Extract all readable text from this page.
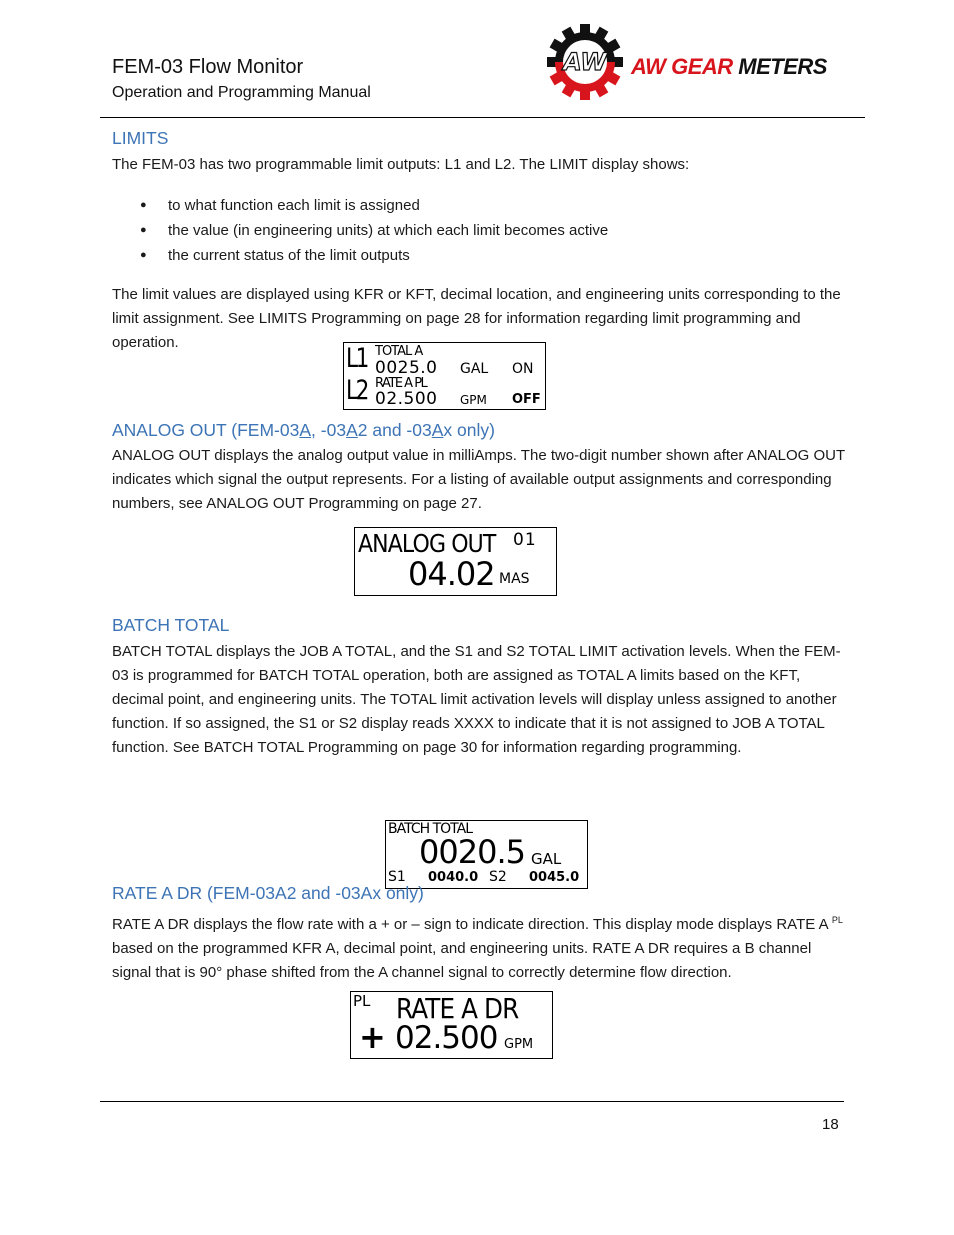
FEM-03 Flow Monitor
Operation and Programming Manual
AW AW GEAR METERS
LIMITS
The FEM-03 has two programmable limit outputs: L1 and L2. The LIMIT display shows:
● to what function each limit is assigned
● the value (in engineering units) at which each limit becomes active
● the current status of the limit outputs
The limit values are displayed using KFR or KFT, decimal location, and engineering units corresponding to the limit assignment. See LIMITS Programming on page 28 for information regarding limit programming and operation.
L1 TOTAL A
0025.0 GAL ON
L2 RATE A PL
02.500 GPM OFF
ANALOG OUT (FEM-03A, -03A2 and -03Ax only)
ANALOG OUT displays the analog output value in milliAmps. The two-digit number shown after ANALOG OUT indicates which signal the output represents. For a listing of available output assignments and corresponding numbers, see ANALOG OUT Programming on page 27.
ANALOG OUT 01
04.02 MAS
BATCH TOTAL
BATCH TOTAL displays the JOB A TOTAL, and the S1 and S2 TOTAL LIMIT activation levels. When the FEM-03 is programmed for BATCH TOTAL operation, both are assigned as TOTAL A limits based on the KFT, decimal point, and engineering units. The TOTAL limit activation levels will display unless assigned to another function. If so assigned, the S1 or S2 display reads XXXX to indicate that it is not assigned to JOB A TOTAL function. See BATCH TOTAL Programming on page 30 for information regarding programming.
BATCH TOTAL
0020.5 GAL
S1 0040.0 S2 0045.0
RATE A DR (FEM-03A2 and -03Ax only)
RATE A DR displays the flow rate with a + or – sign to indicate direction. This display mode displays RATE A $^{PL}$ based on the programmed KFR A, decimal point, and engineering units. RATE A DR requires a B channel signal that is 90° phase shifted from the A channel signal to correctly determine flow direction.
PL RATE A DR
+ 02.500 GPM
18
